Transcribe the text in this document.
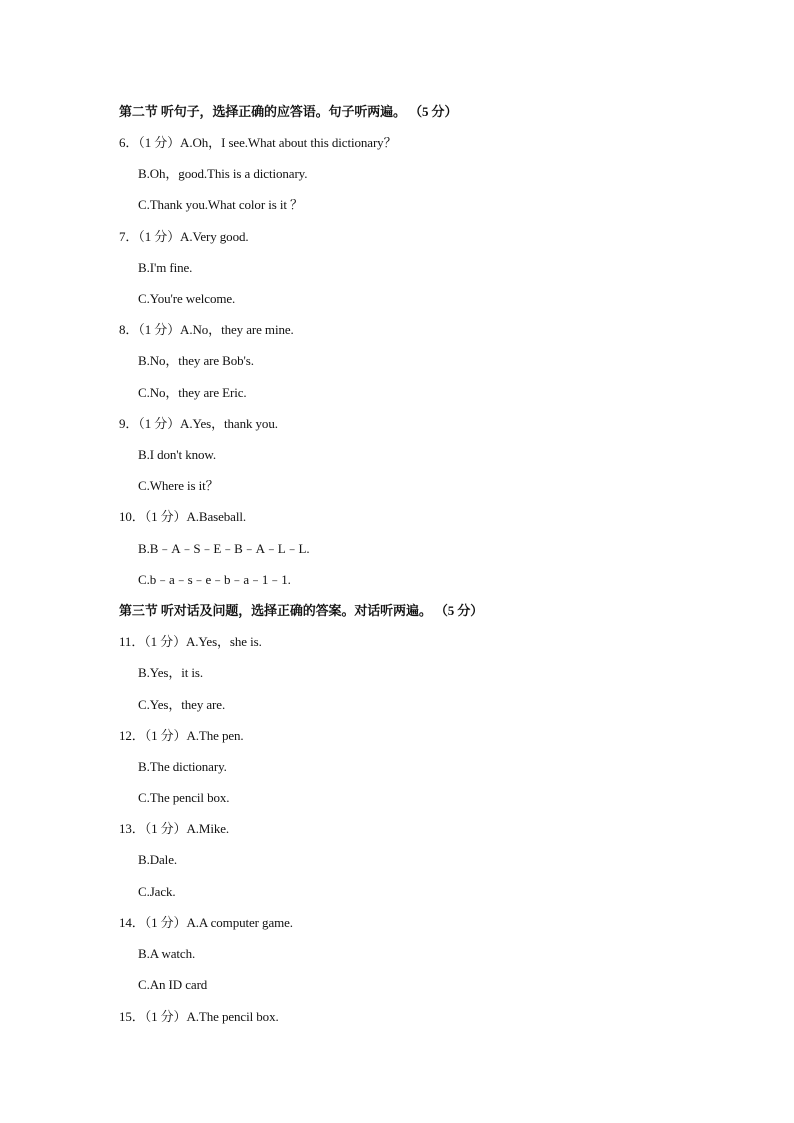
第二节 听句子，选择正确的应答语。句子听两遍。 （5 分）
6．（1 分）A.Oh，I see.What about this dictionary？
B.Oh，good.This is a dictionary.
C.Thank you.What color is it ？
7．（1 分）A.Very good.
B.I'm fine.
C.You're welcome.
8．（1 分）A.No，they are mine.
B.No，they are Bob's.
C.No，they are Eric.
9．（1 分）A.Yes，thank you.
B.I don't know.
C.Where is it？
10．（1 分）A.Baseball.
B.B﹣A﹣S﹣E﹣B﹣A﹣L﹣L.
C.b﹣a﹣s﹣e﹣b﹣a﹣1﹣1.
第三节 听对话及问题，选择正确的答案。对话听两遍。 （5 分）
11．（1 分）A.Yes，she is.
B.Yes，it is.
C.Yes，they are.
12．（1 分）A.The pen.
B.The dictionary.
C.The pencil box.
13．（1 分）A.Mike.
B.Dale.
C.Jack.
14．（1 分）A.A computer game.
B.A watch.
C.An ID card
15．（1 分）A.The pencil box.
